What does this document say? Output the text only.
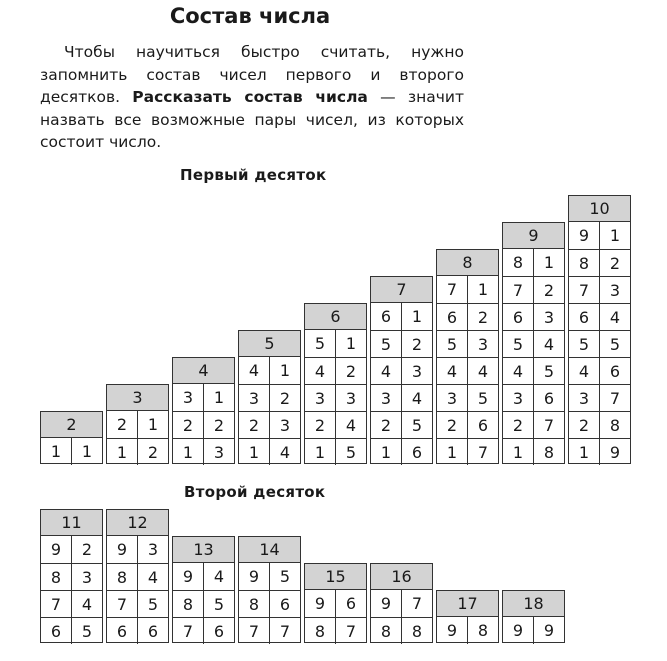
Состав числа
Чтобы научиться быстро считать, нужно запомнить состав чисел первого и второго десятков. Рассказать состав числа — значит назвать все возможные пары чисел, из которых состоит число.
Первый десяток
2
1	1
3
2	1
1	2
4
3	1
2	2
1	3
5
4	1
3	2
2	3
1	4
6
5	1
4	2
3	3
2	4
1	5
7
6	1
5	2
4	3
3	4
2	5
1	6
8
7	1
6	2
5	3
4	4
3	5
2	6
1	7
9
8	1
7	2
6	3
5	4
4	5
3	6
2	7
1	8
10
9	1
8	2
7	3
6	4
5	5
4	6
3	7
2	8
1	9
Второй десяток
11
9	2
8	3
7	4
6	5
12
9	3
8	4
7	5
6	6
13
9	4
8	5
7	6
14
9	5
8	6
7	7
15
9	6
8	7
16
9	7
8	8
17
9	8
18
9	9
